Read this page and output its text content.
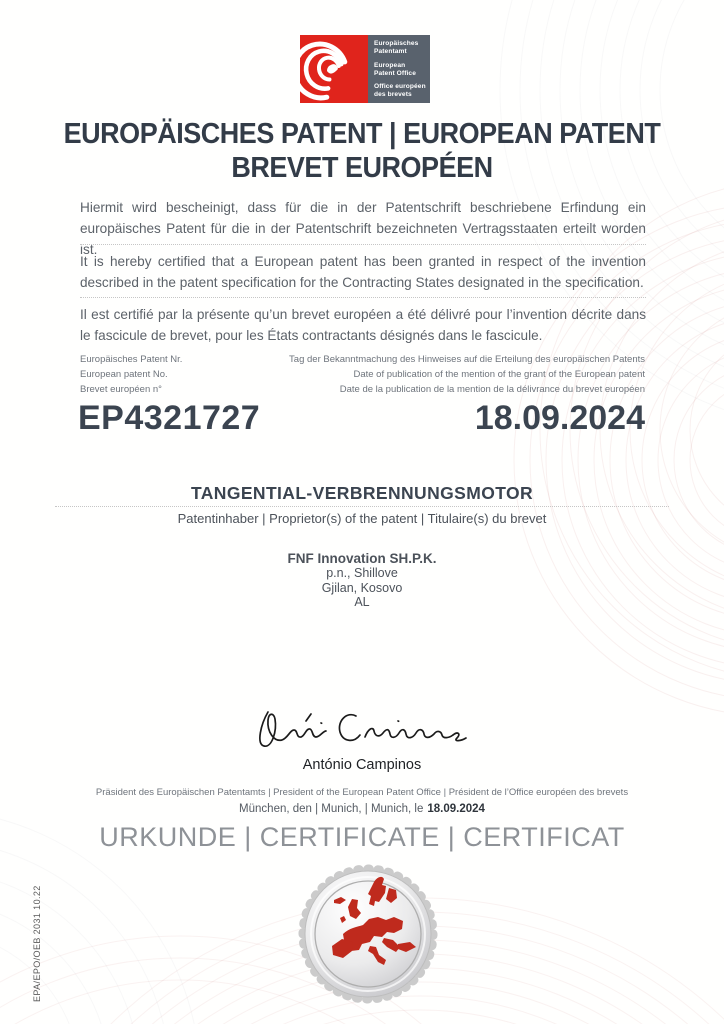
Europäisches
Patentamt
European
Patent Office
Office européen
des brevets
EUROPÄISCHES PATENT | EUROPEAN PATENT
BREVET EUROPÉEN
Hiermit wird bescheinigt, dass für die in der Patentschrift beschriebene Erfindung ein europäisches Patent für die in der Patentschrift bezeichneten Vertragsstaaten erteilt worden ist.
It is hereby certified that a European patent has been granted in respect of the invention described in the patent specification for the Contracting States designated in the specification.
Il est certifié par la présente qu’un brevet européen a été délivré pour l’invention décrite dans le fascicule de brevet, pour les États contractants désignés dans le fascicule.
Europäisches Patent Nr.
European patent No.
Brevet européen n°
Tag der Bekanntmachung des Hinweises auf die Erteilung des europäischen Patents
Date of publication of the mention of the grant of the European patent
Date de la publication de la mention de la délivrance du brevet européen
EP4321727	18.09.2024
TANGENTIAL-VERBRENNUNGSMOTOR
Patentinhaber | Proprietor(s) of the patent | Titulaire(s) du brevet
FNF Innovation SH.P.K.
p.n., Shillove
Gjilan, Kosovo
AL
António Campinos
Präsident des Europäischen Patentamts | President of the European Patent Office | Président de l’Office européen des brevets
München, den | Munich, | Munich, le 18.09.2024
URKUNDE | CERTIFICATE | CERTIFICAT
EPA/EPO/OEB 2031 10.22
